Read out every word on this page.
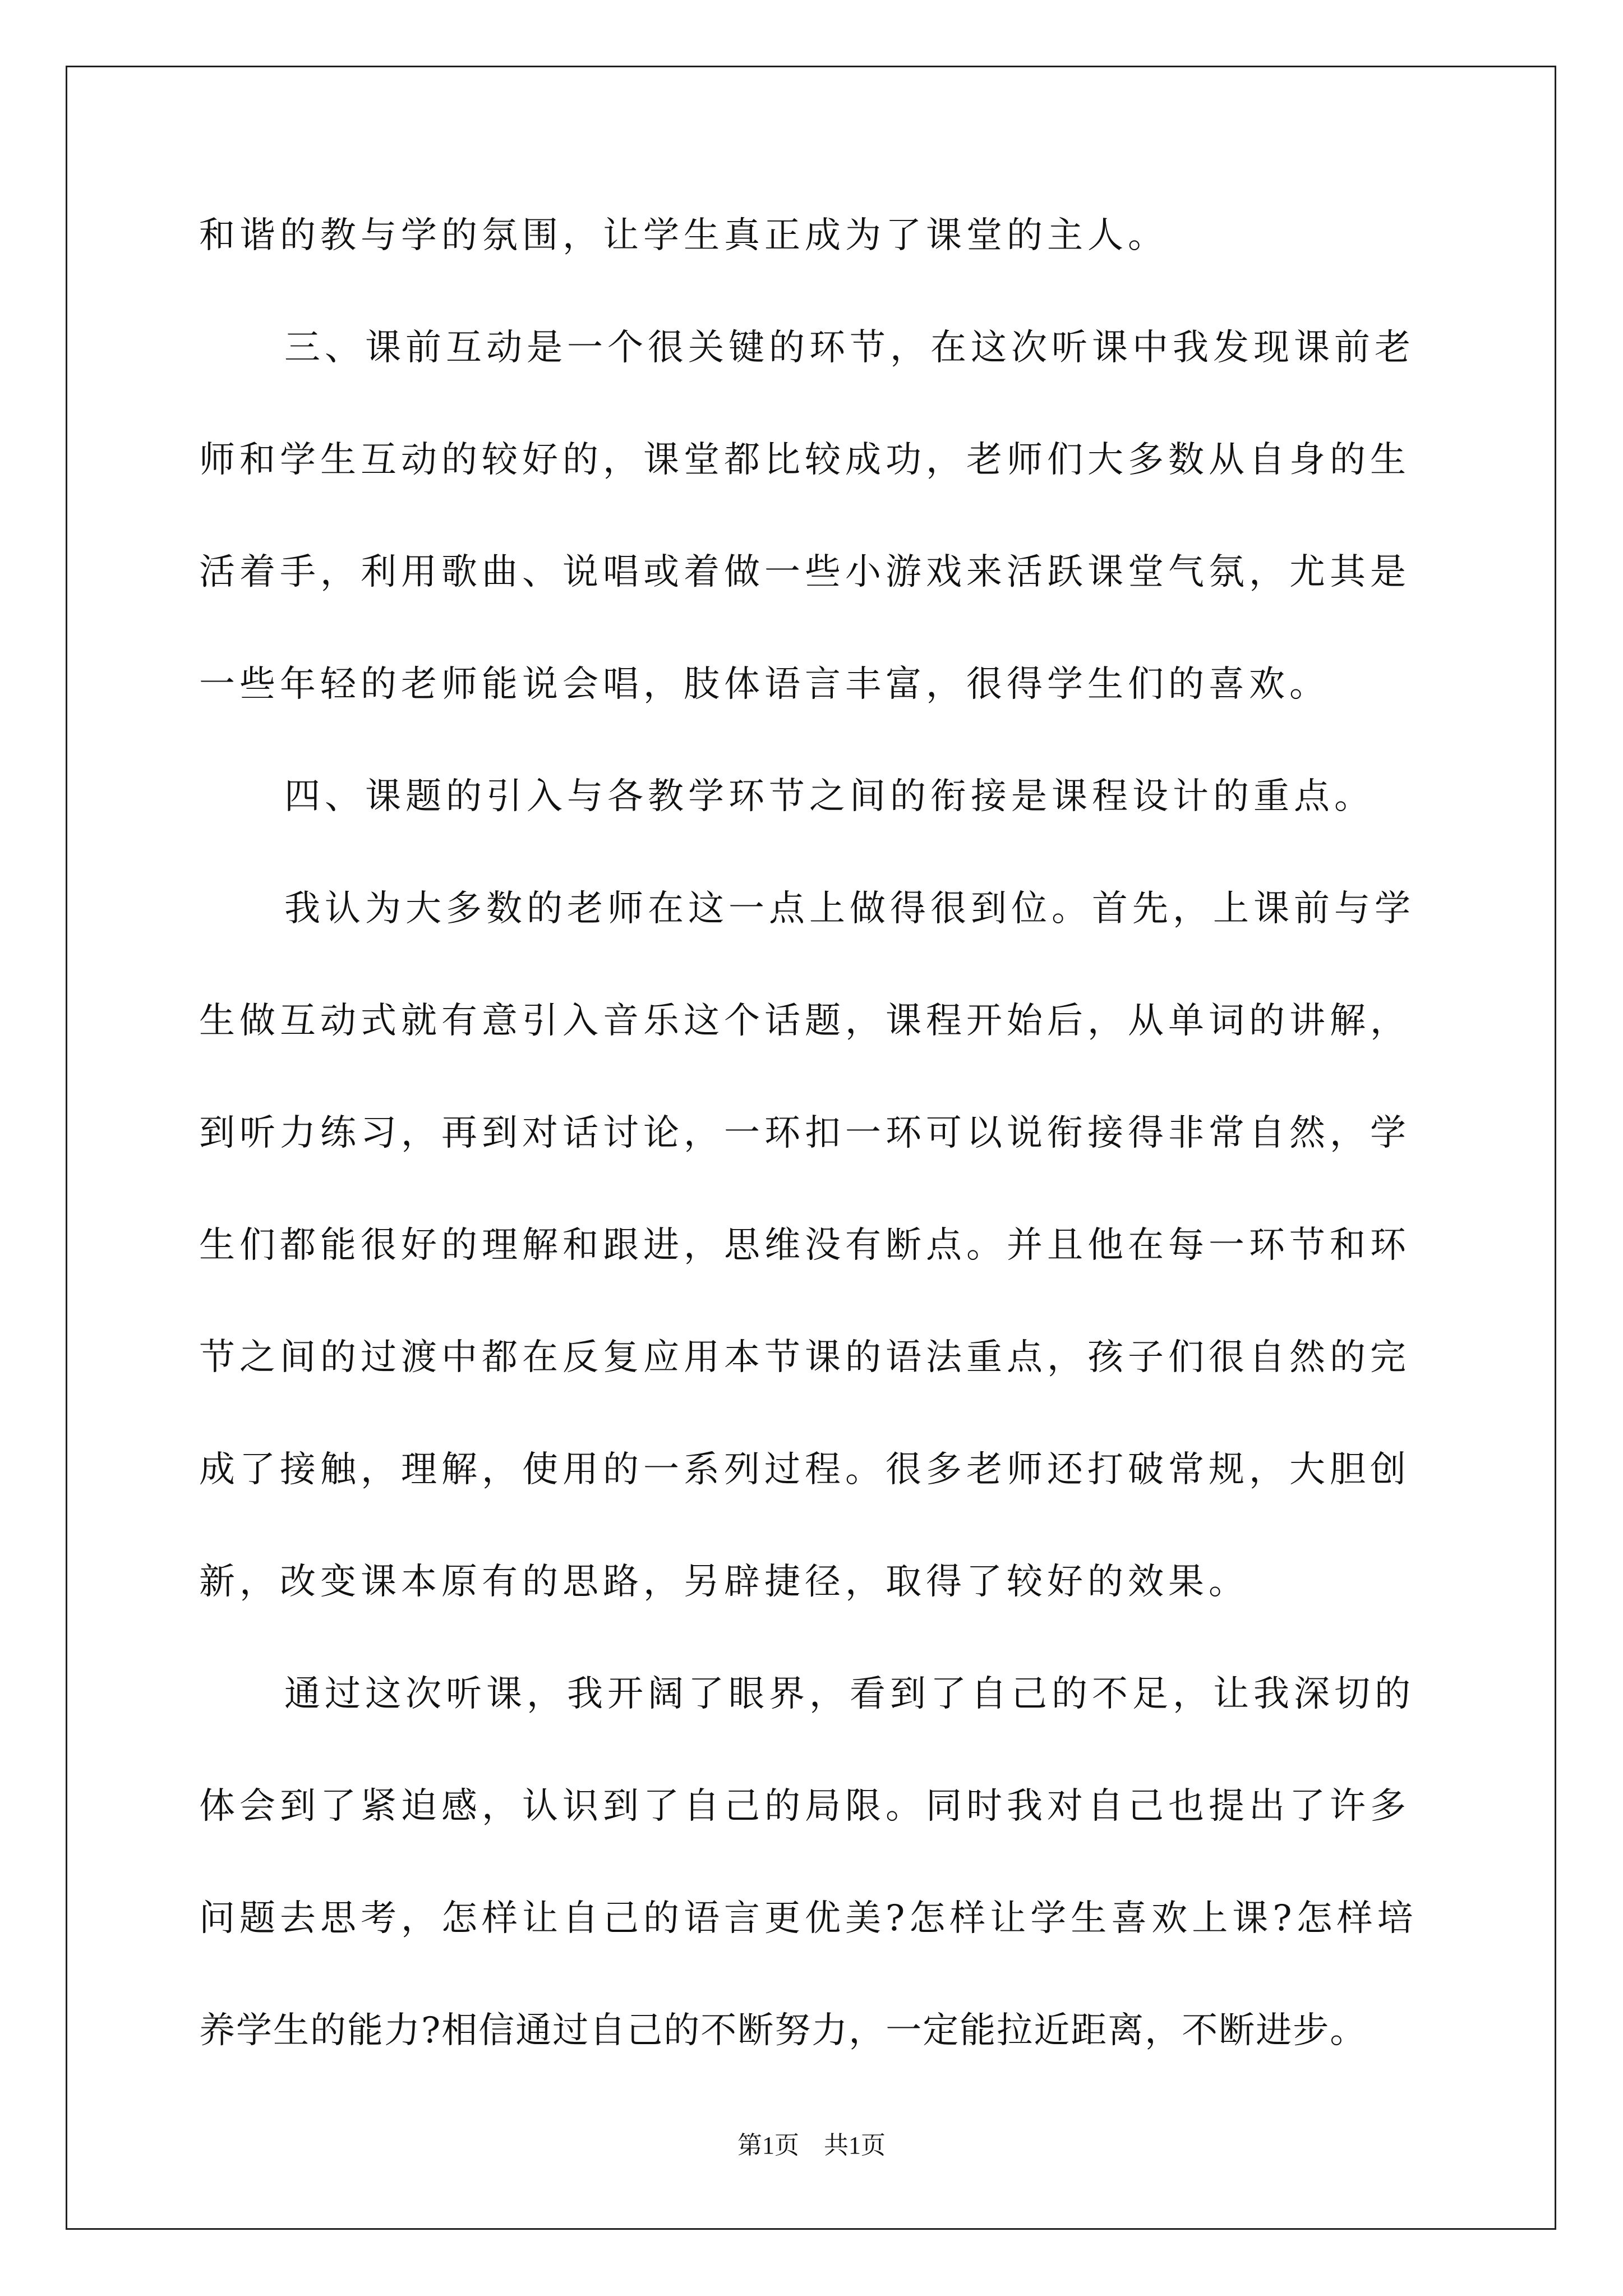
和谐的教与学的氛围，让学生真正成为了课堂的主人。
三、课前互动是一个很关键的环节，在这次听课中我发现课前老
师和学生互动的较好的，课堂都比较成功，老师们大多数从自身的生
活着手，利用歌曲、说唱或着做一些小游戏来活跃课堂气氛，尤其是
一些年轻的老师能说会唱，肢体语言丰富，很得学生们的喜欢。
四、课题的引入与各教学环节之间的衔接是课程设计的重点。
我认为大多数的老师在这一点上做得很到位。首先，上课前与学
生做互动式就有意引入音乐这个话题，课程开始后，从单词的讲解，
到听力练习，再到对话讨论，一环扣一环可以说衔接得非常自然，学
生们都能很好的理解和跟进，思维没有断点。并且他在每一环节和环
节之间的过渡中都在反复应用本节课的语法重点，孩子们很自然的完
成了接触，理解，使用的一系列过程。很多老师还打破常规，大胆创
新，改变课本原有的思路，另辟捷径，取得了较好的效果。
通过这次听课，我开阔了眼界，看到了自己的不足，让我深切的
体会到了紧迫感，认识到了自己的局限。同时我对自己也提出了许多
问题去思考，怎样让自己的语言更优美?怎样让学生喜欢上课?怎样培
养学生的能力?相信通过自己的不断努力，一定能拉近距离，不断进步。
第1页　共1页
